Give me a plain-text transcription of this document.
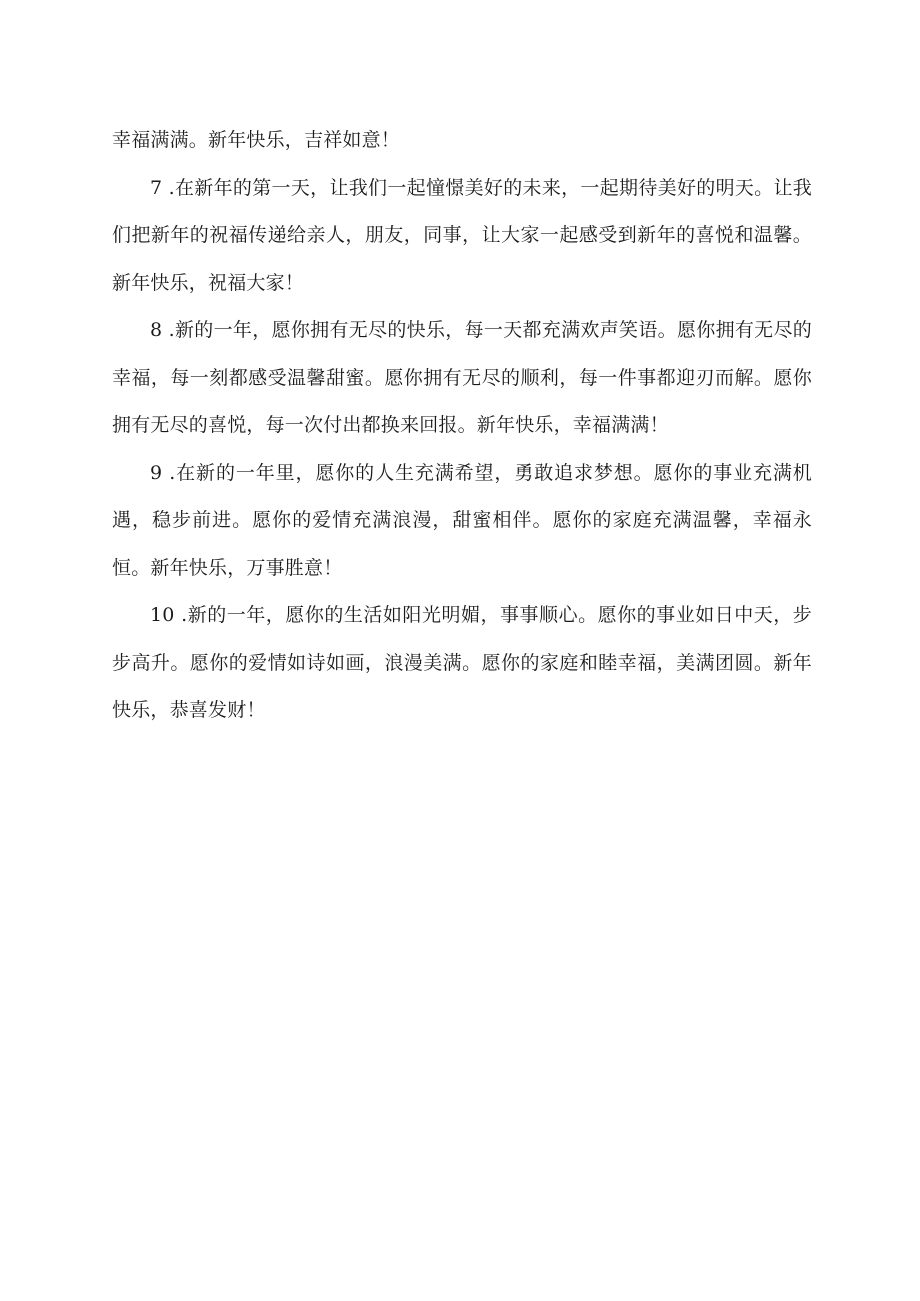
幸福满满。新年快乐，吉祥如意！

7 .在新年的第一天，让我们一起憧憬美好的未来，一起期待美好的明天。让我们把新年的祝福传递给亲人，朋友，同事，让大家一起感受到新年的喜悦和温馨。新年快乐，祝福大家！

8 .新的一年，愿你拥有无尽的快乐，每一天都充满欢声笑语。愿你拥有无尽的幸福，每一刻都感受温馨甜蜜。愿你拥有无尽的顺利，每一件事都迎刃而解。愿你拥有无尽的喜悦，每一次付出都换来回报。新年快乐，幸福满满！

9 .在新的一年里，愿你的人生充满希望，勇敢追求梦想。愿你的事业充满机遇，稳步前进。愿你的爱情充满浪漫，甜蜜相伴。愿你的家庭充满温馨，幸福永恒。新年快乐，万事胜意！

10 .新的一年，愿你的生活如阳光明媚，事事顺心。愿你的事业如日中天，步步高升。愿你的爱情如诗如画，浪漫美满。愿你的家庭和睦幸福，美满团圆。新年快乐，恭喜发财！
